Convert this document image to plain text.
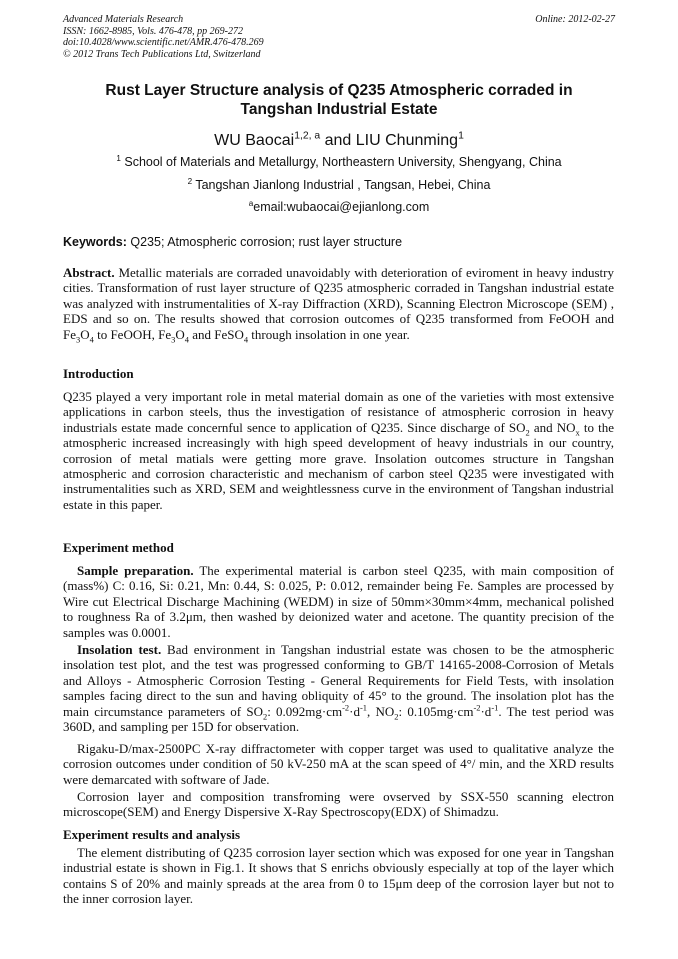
Advanced Materials Research
ISSN: 1662-8985, Vols. 476-478, pp 269-272
doi:10.4028/www.scientific.net/AMR.476-478.269
© 2012 Trans Tech Publications Ltd, Switzerland
Online: 2012-02-27
Rust Layer Structure analysis of Q235 Atmospheric corraded in
Tangshan Industrial Estate
WU Baocai$^{1,2, a}$ and LIU Chunming$^1$
$^1$ School of Materials and Metallurgy, Northeastern University, Shengyang, China
$^2$ Tangshan Jianlong Industrial , Tangsan, Hebei, China
$^a$email:wubaocai@ejianlong.com
Keywords: Q235; Atmospheric corrosion; rust layer structure
Abstract. Metallic materials are corraded unavoidably with deterioration of eviroment in heavy industry cities. Transformation of rust layer structure of Q235 atmospheric corraded in Tangshan industrial estate was analyzed with instrumentalities of X-ray Diffraction (XRD), Scanning Electron Microscope (SEM) , EDS and so on. The results showed that corrosion outcomes of Q235 transformed from FeOOH and $Fe_3O_4$ to FeOOH, $Fe_3O_4$ and FeSO$_4$ through insolation in one year.
Introduction
Q235 played a very important role in metal material domain as one of the varieties with most extensive applications in carbon steels, thus the investigation of resistance of atmospheric corrosion in heavy industrials estate made concernful sence to application of Q235. Since discharge of $SO_2$ and $NO_x$ to the atmospheric increased increasingly with high speed development of heavy industrials in our country, corrosion of metal matials were getting more grave. Insolation outcomes structure in Tangshan atmospheric and corrosion characteristic and mechanism of carbon steel Q235 were investigated with instrumentalities such as XRD, SEM and weightlessness curve in the environment of Tangshan industrial estate in this paper.
Experiment method
Sample preparation. The experimental material is carbon steel Q235, with main composition of (mass%) C: 0.16, Si: 0.21, Mn: 0.44, S: 0.025, P: 0.012, remainder being Fe. Samples are processed by Wire cut Electrical Discharge Machining (WEDM) in size of 50mm×30mm×4mm, mechanical polished to roughness Ra of 3.2μm, then washed by deionized water and acetone. The quantity precision of the samples was 0.0001.
Insolation test. Bad environment in Tangshan industrial estate was chosen to be the atmospheric insolation test plot, and the test was progressed conforming to GB/T 14165-2008-Corrosion of Metals and Alloys - Atmospheric Corrosion Testing - General Requirements for Field Tests, with insolation samples facing direct to the sun and having obliquity of 45° to the ground. The insolation plot has the main circumstance parameters of $SO_2$: $0.092mg\cdot cm^{-2}\cdot d^{-1}$, $NO_2$: $0.105mg\cdot cm^{-2}\cdot d^{-1}$. The test period was 360D, and sampling per 15D for observation.
Rigaku-D/max-2500PC X-ray diffractometer with copper target was used to qualitative analyze the corrosion outcomes under condition of 50 kV-250 mA at the scan speed of 4°/ min, and the XRD results were demarcated with software of Jade.
Corrosion layer and composition transfroming were ovserved by SSX-550 scanning electron microscope(SEM) and Energy Dispersive X-Ray Spectroscopy(EDX) of Shimadzu.
Experiment results and analysis
The element distributing of Q235 corrosion layer section which was exposed for one year in Tangshan industrial estate is shown in Fig.1. It shows that S enrichs obviously especially at top of the layer which contains S of 20% and mainly spreads at the area from 0 to 15μm deep of the corrosion layer but not to the inner corrosion layer.
